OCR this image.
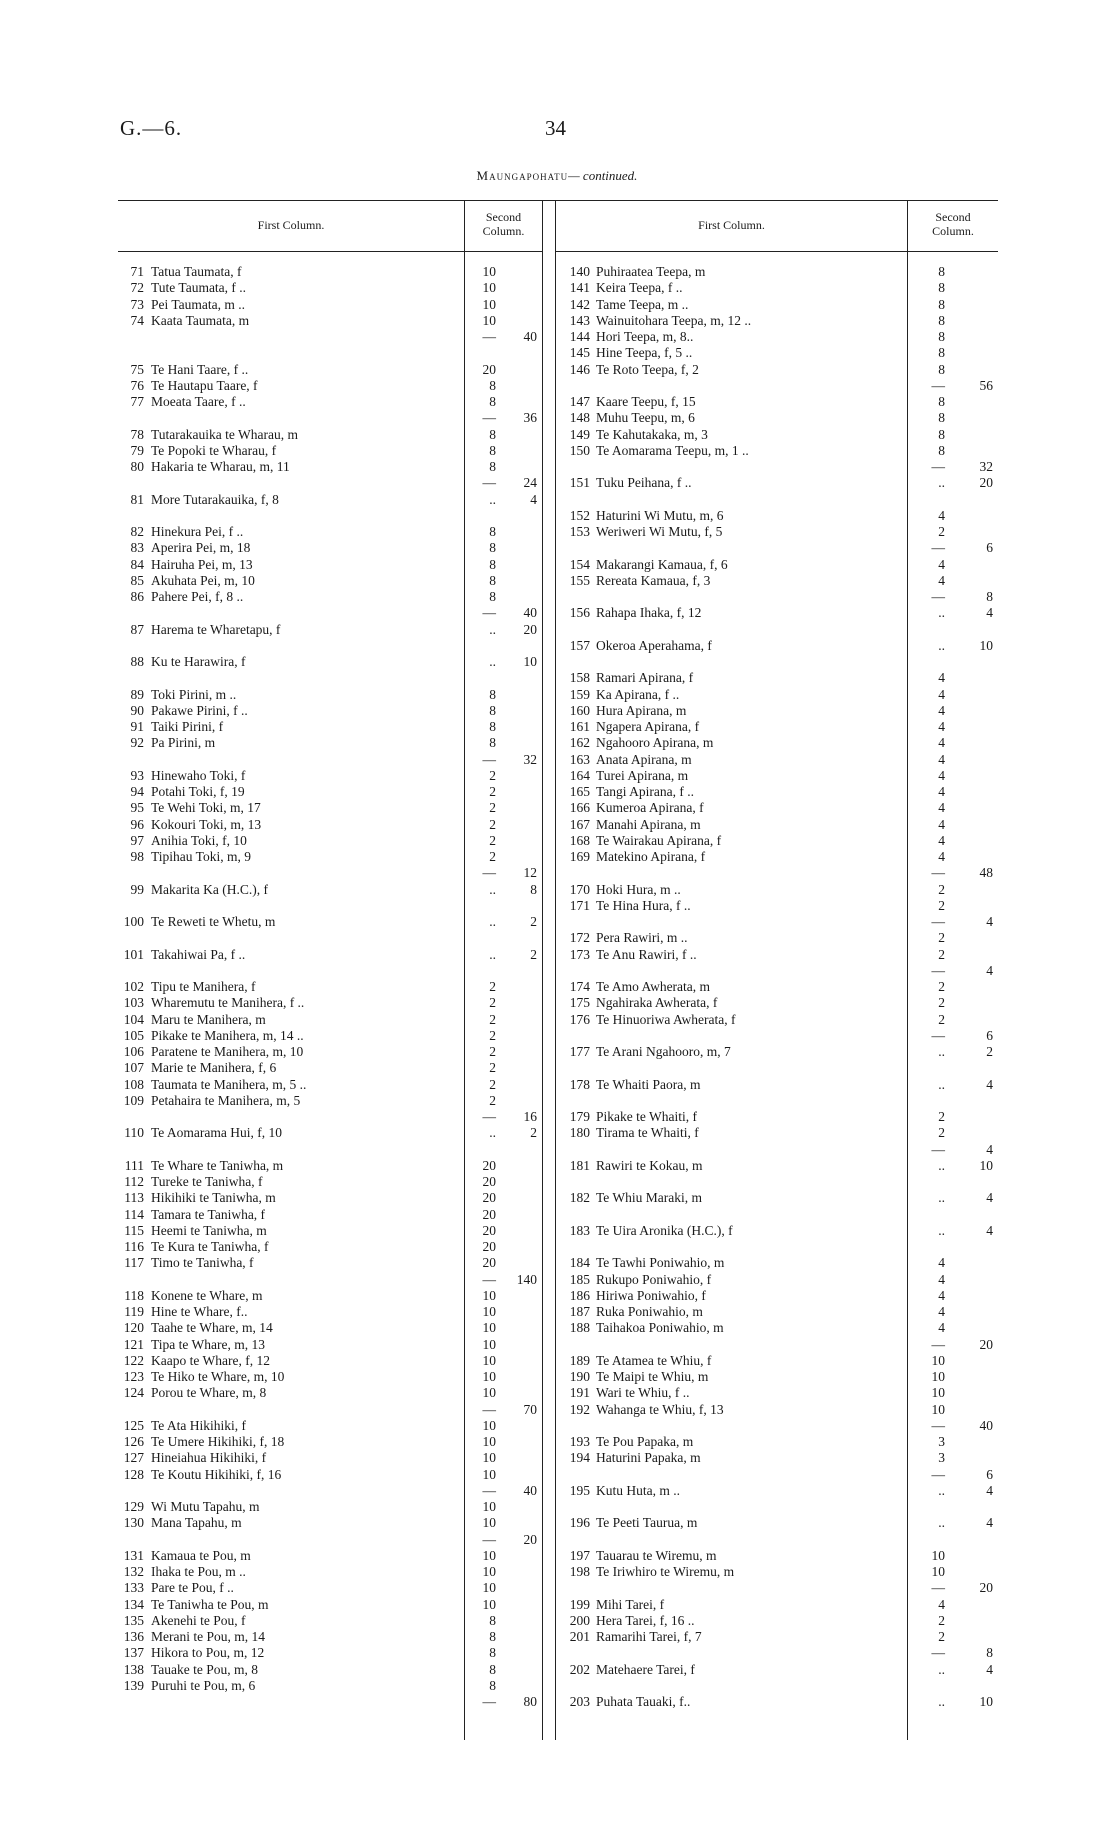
G.—6.	34
Maungapohatu— continued.
First Column.
Second
Column.	First Column.
Second
Column.
71
72
73
74
75
76
77
78
79
80
81
82
83
84
85
86
87
88
89
90
91
92
93
94
95
96
97
98
99
100
101
102
103
104
105
106
107
108
109
110
111
112
113
114
115
116
117
118
119
120
121
122
123
124
125
126
127
128
129
130
131
132
133
134
135
136
137
138
139
Tatua Taumata, f
Tute Taumata, f ..
Pei Taumata, m ..
Kaata Taumata, m
Te Hani Taare, f ..
Te Hautapu Taare, f
Moeata Taare, f ..
Tutarakauika te Wharau, m
Te Popoki te Wharau, f
Hakaria te Wharau, m, 11
More Tutarakauika, f, 8
Hinekura Pei, f ..
Aperira Pei, m, 18
Hairuha Pei, m, 13
Akuhata Pei, m, 10
Pahere Pei, f, 8 ..
Harema te Wharetapu, f
Ku te Harawira, f
Toki Pirini, m ..
Pakawe Pirini, f ..
Taiki Pirini, f
Pa Pirini, m
Hinewaho Toki, f
Potahi Toki, f, 19
Te Wehi Toki, m, 17
Kokouri Toki, m, 13
Anihia Toki, f, 10
Tipihau Toki, m, 9
Makarita Ka (H.C.), f
Te Reweti te Whetu, m
Takahiwai Pa, f ..
Tipu te Manihera, f
Wharemutu te Manihera, f ..
Maru te Manihera, m
Pikake te Manihera, m, 14 ..
Paratene te Manihera, m, 10
Marie te Manihera, f, 6
Taumata te Manihera, m, 5 ..
Petahaira te Manihera, m, 5
Te Aomarama Hui, f, 10
Te Whare te Taniwha, m
Tureke te Taniwha, f
Hikihiki te Taniwha, m
Tamara te Taniwha, f
Heemi te Taniwha, m
Te Kura te Taniwha, f
Timo te Taniwha, f
Konene te Whare, m
Hine te Whare, f..
Taahe te Whare, m, 14
Tipa te Whare, m, 13
Kaapo te Whare, f, 12
Te Hiko te Whare, m, 10
Porou te Whare, m, 8
Te Ata Hikihiki, f
Te Umere Hikihiki, f, 18
Hineiahua Hikihiki, f
Te Koutu Hikihiki, f, 16
Wi Mutu Tapahu, m
Mana Tapahu, m
Kamaua te Pou, m
Ihaka te Pou, m ..
Pare te Pou, f ..
Te Taniwha te Pou, m
Akenehi te Pou, f
Merani te Pou, m, 14
Hikora to Pou, m, 12
Tauake te Pou, m, 8
Puruhi te Pou, m, 6
10
10
10
10
—
20
8
8
—
8
8
8
—
..
8
8
8
8
8
—
..
..
8
8
8
8
—
2
2
2
2
2
2
—
..
..
..
2
2
2
2
2
2
2
2
—
..
20
20
20
20
20
20
20
—
10
10
10
10
10
10
10
—
10
10
10
10
—
10
10
—
10
10
10
10
8
8
8
8
8
—
40
36
24
4
40
20
10
32
12
8
2
2
16
2
140
70
40
20
80
140
141
142
143
144
145
146
147
148
149
150
151
152
153
154
155
156
157
158
159
160
161
162
163
164
165
166
167
168
169
170
171
172
173
174
175
176
177
178
179
180
181
182
183
184
185
186
187
188
189
190
191
192
193
194
195
196
197
198
199
200
201
202
203
Puhiraatea Teepa, m
Keira Teepa, f ..
Tame Teepa, m ..
Wainuitohara Teepa, m, 12 ..
Hori Teepa, m, 8..
Hine Teepa, f, 5 ..
Te Roto Teepa, f, 2
Kaare Teepu, f, 15
Muhu Teepu, m, 6
Te Kahutakaka, m, 3
Te Aomarama Teepu, m, 1 ..
Tuku Peihana, f ..
Haturini Wi Mutu, m, 6
Weriweri Wi Mutu, f, 5
Makarangi Kamaua, f, 6
Rereata Kamaua, f, 3
Rahapa Ihaka, f, 12
Okeroa Aperahama, f
Ramari Apirana, f
Ka Apirana, f ..
Hura Apirana, m
Ngapera Apirana, f
Ngahooro Apirana, m
Anata Apirana, m
Turei Apirana, m
Tangi Apirana, f ..
Kumeroa Apirana, f
Manahi Apirana, m
Te Wairakau Apirana, f
Matekino Apirana, f
Hoki Hura, m ..
Te Hina Hura, f ..
Pera Rawiri, m ..
Te Anu Rawiri, f ..
Te Amo Awherata, m
Ngahiraka Awherata, f
Te Hinuoriwa Awherata, f
Te Arani Ngahooro, m, 7
Te Whaiti Paora, m
Pikake te Whaiti, f
Tirama te Whaiti, f
Rawiri te Kokau, m
Te Whiu Maraki, m
Te Uira Aronika (H.C.), f
Te Tawhi Poniwahio, m
Rukupo Poniwahio, f
Hiriwa Poniwahio, f
Ruka Poniwahio, m
Taihakoa Poniwahio, m
Te Atamea te Whiu, f
Te Maipi te Whiu, m
Wari te Whiu, f ..
Wahanga te Whiu, f, 13
Te Pou Papaka, m
Haturini Papaka, m
Kutu Huta, m ..
Te Peeti Taurua, m
Tauarau te Wiremu, m
Te Iriwhiro te Wiremu, m
Mihi Tarei, f
Hera Tarei, f, 16 ..
Ramarihi Tarei, f, 7
Matehaere Tarei, f
Puhata Tauaki, f..
8
8
8
8
8
8
8
—
8
8
8
8
—
..
4
2
—
4
4
—
..
..
4
4
4
4
4
4
4
4
4
4
4
4
—
2
2
—
2
2
—
2
2
2
—
..
..
2
2
—
..
..
..
4
4
4
4
4
—
10
10
10
10
—
3
3
—
..
..
10
10
—
4
2
2
—
..
..
56
32
20
6
8
4
10
48
4
4
6
2
4
4
10
4
4
20
40
6
4
4
20
8
4
10
